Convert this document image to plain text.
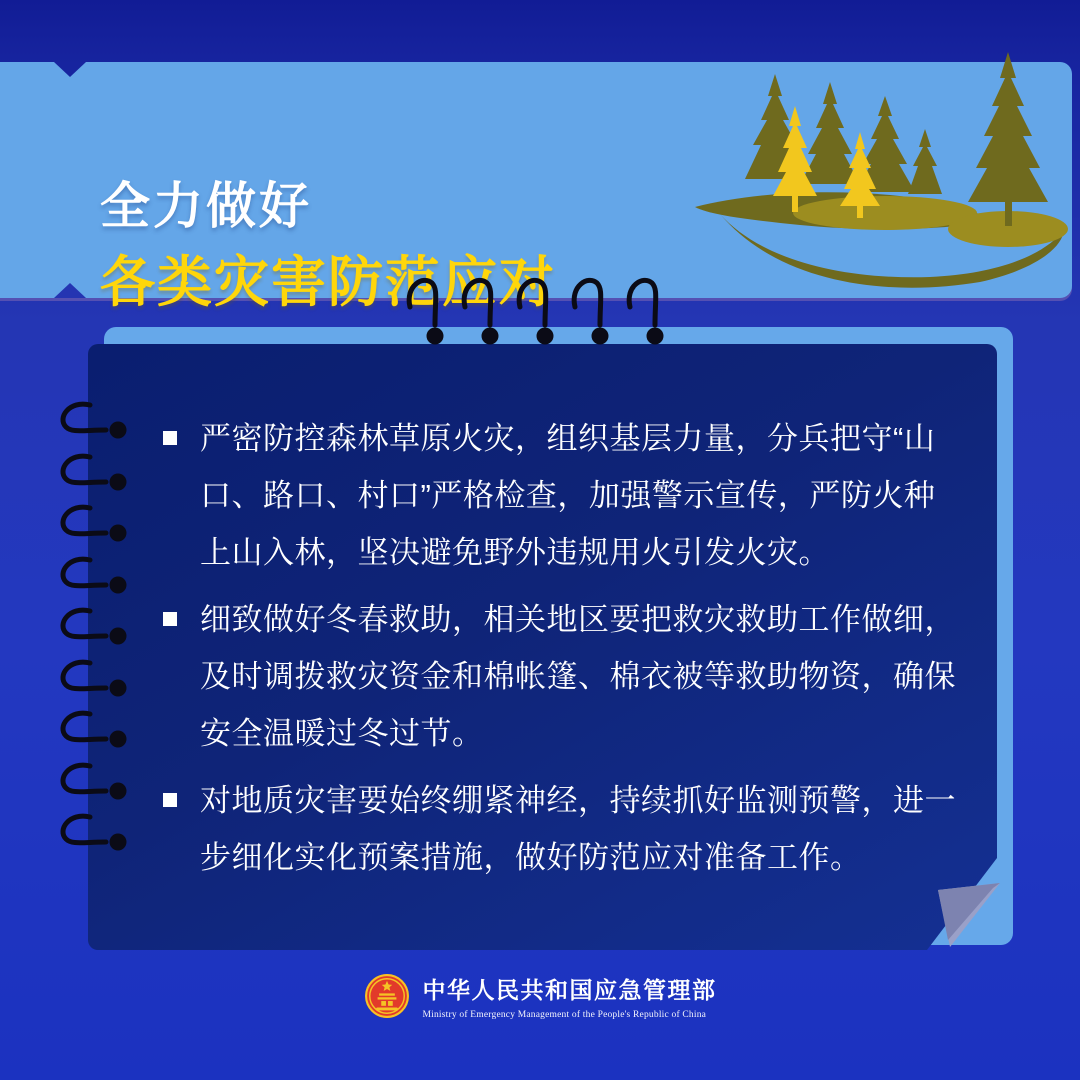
全力做好
各类灾害防范应对
严密防控森林草原火灾，组织基层力量，分兵把守“山
口、路口、村口”严格检查，加强警示宣传，严防火种
上山入林，坚决避免野外违规用火引发火灾。
细致做好冬春救助，相关地区要把救灾救助工作做细，
及时调拨救灾资金和棉帐篷、棉衣被等救助物资，确保
安全温暖过冬过节。
对地质灾害要始终绷紧神经，持续抓好监测预警，进一
步细化实化预案措施，做好防范应对准备工作。
中华人民共和国应急管理部
Ministry of Emergency Management of the People's Republic of China
